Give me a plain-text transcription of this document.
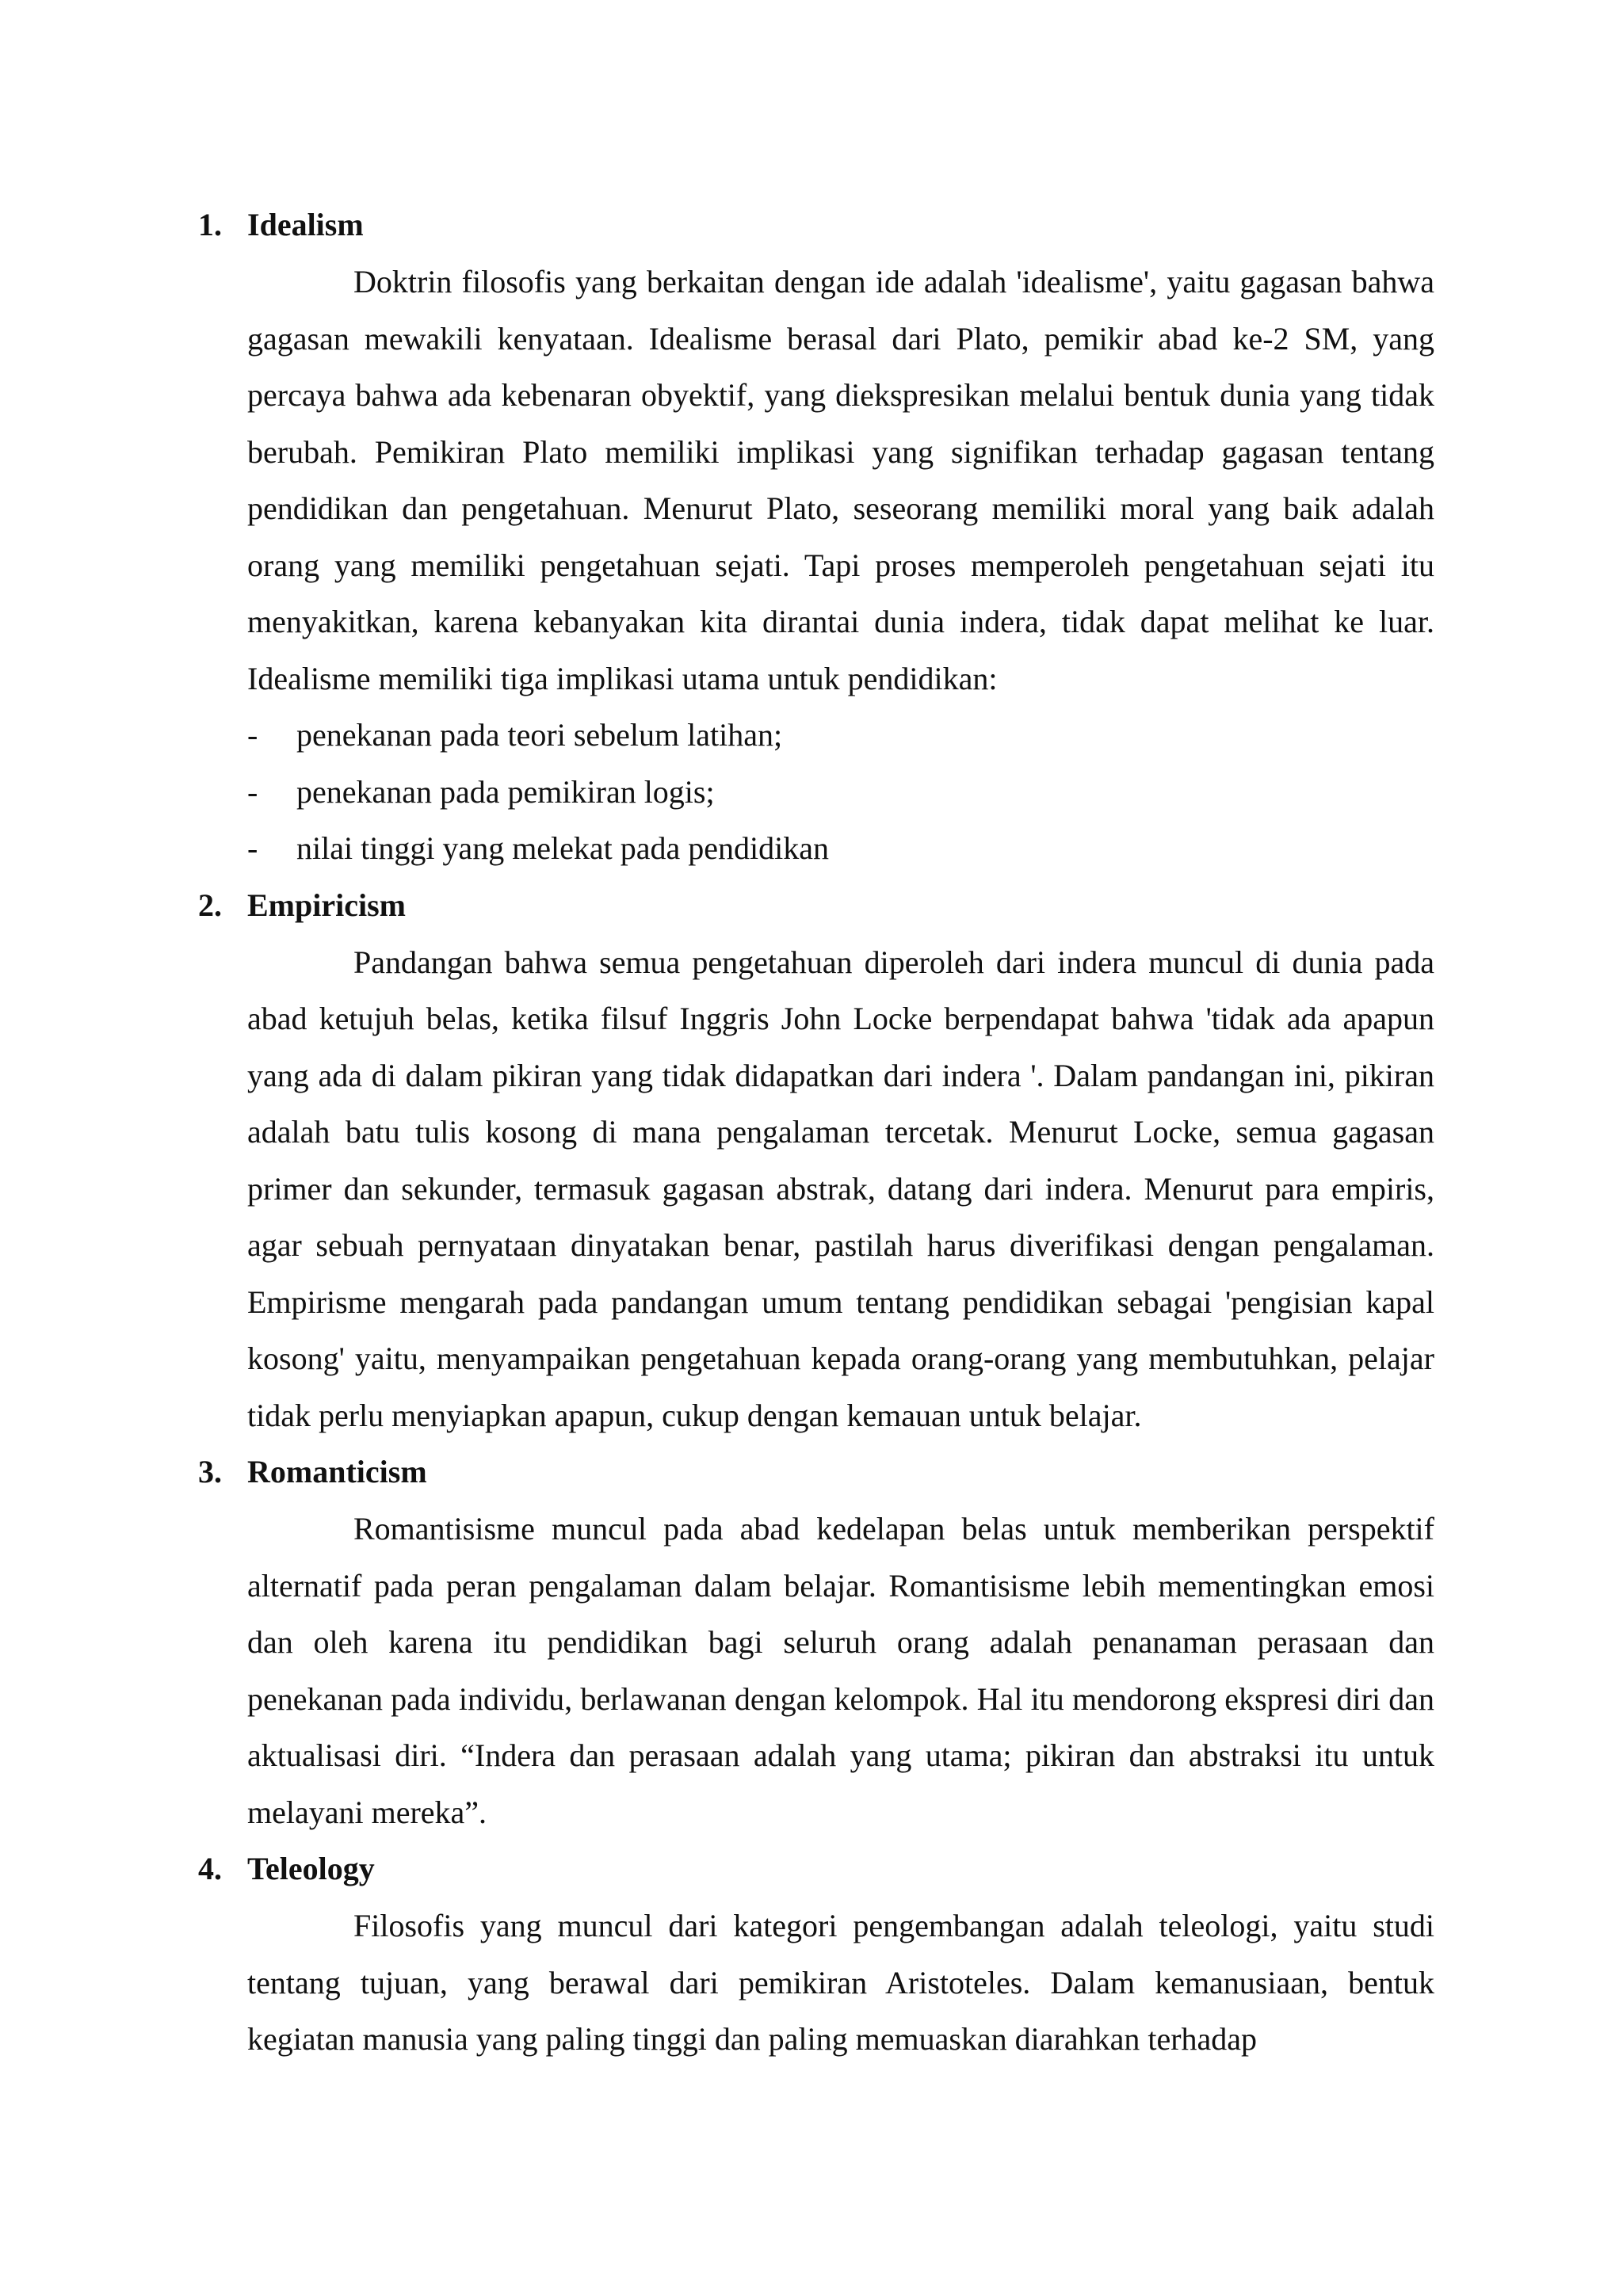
1. Idealism

Doktrin filosofis yang berkaitan dengan ide adalah 'idealisme', yaitu gagasan bahwa gagasan mewakili kenyataan. Idealisme berasal dari Plato, pemikir abad ke-2 SM, yang percaya bahwa ada kebenaran obyektif, yang diekspresikan melalui bentuk dunia yang tidak berubah. Pemikiran Plato memiliki implikasi yang signifikan terhadap gagasan tentang pendidikan dan pengetahuan. Menurut Plato, seseorang memiliki moral yang baik adalah orang yang memiliki pengetahuan sejati. Tapi proses memperoleh pengetahuan sejati itu menyakitkan, karena kebanyakan kita dirantai dunia indera, tidak dapat melihat ke luar. Idealisme memiliki tiga implikasi utama untuk pendidikan:

-	penekanan pada teori sebelum latihan;
-	penekanan pada pemikiran logis;
-	nilai tinggi yang melekat pada pendidikan
2. Empiricism

Pandangan bahwa semua pengetahuan diperoleh dari indera muncul di dunia pada abad ketujuh belas, ketika filsuf Inggris John Locke berpendapat bahwa 'tidak ada apapun yang ada di dalam pikiran yang tidak didapatkan dari indera '. Dalam pandangan ini, pikiran adalah batu tulis kosong di mana pengalaman tercetak. Menurut Locke, semua gagasan primer dan sekunder, termasuk gagasan abstrak, datang dari indera. Menurut para empiris, agar sebuah pernyataan dinyatakan benar, pastilah harus diverifikasi dengan pengalaman. Empirisme mengarah pada pandangan umum tentang pendidikan sebagai 'pengisian kapal kosong' yaitu, menyampaikan pengetahuan kepada orang-orang yang membutuhkan, pelajar tidak perlu menyiapkan apapun, cukup dengan kemauan untuk belajar.

3. Romanticism

Romantisisme muncul pada abad kedelapan belas untuk memberikan perspektif alternatif pada peran pengalaman dalam belajar. Romantisisme lebih mementingkan emosi dan oleh karena itu pendidikan bagi seluruh orang adalah penanaman perasaan dan penekanan pada individu, berlawanan dengan kelompok. Hal itu mendorong ekspresi diri dan aktualisasi diri. “Indera dan perasaan adalah yang utama; pikiran dan abstraksi itu untuk melayani mereka”.

4. Teleology

Filosofis yang muncul dari kategori pengembangan adalah teleologi, yaitu studi tentang tujuan, yang berawal dari pemikiran Aristoteles. Dalam kemanusiaan, bentuk kegiatan manusia yang paling tinggi dan paling memuaskan diarahkan terhadap
